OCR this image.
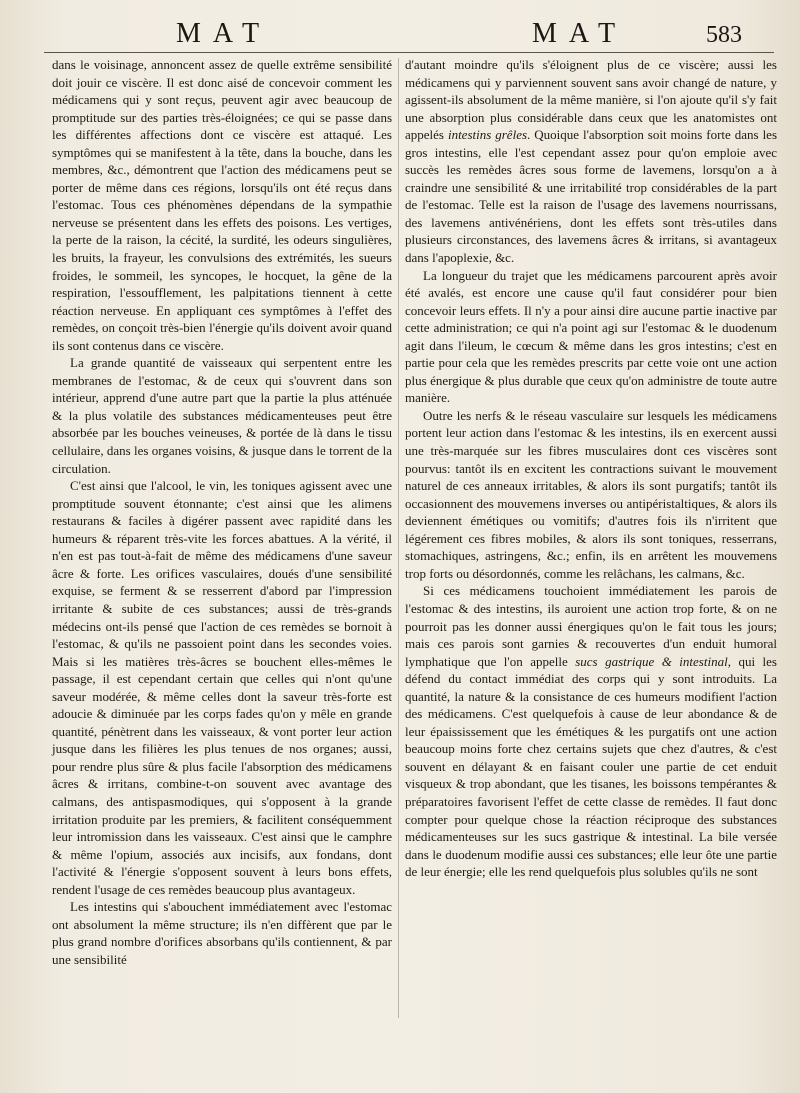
MAT	MAT	583

dans le voisinage, annoncent assez de quelle extrême sensibilité doit jouir ce viscère. Il est donc aisé de concevoir comment les médicamens qui y sont reçus, peuvent agir avec beaucoup de promptitude sur des parties très-éloignées; ce qui se passe dans les différentes affections dont ce viscère est attaqué. Les symptômes qui se manifestent à la tête, dans la bouche, dans les membres, &c., démontrent que l'action des médicamens peut se porter de même dans ces régions, lorsqu'ils ont été reçus dans l'estomac. Tous ces phénomènes dépendans de la sympathie nerveuse se présentent dans les effets des poisons. Les vertiges, la perte de la raison, la cécité, la surdité, les odeurs singulières, les bruits, la frayeur, les convulsions des extrémités, les sueurs froides, le sommeil, les syncopes, le hocquet, la gêne de la respiration, l'essoufflement, les palpitations tiennent à cette réaction nerveuse. En appliquant ces symptômes à l'effet des remèdes, on conçoit très-bien l'énergie qu'ils doivent avoir quand ils sont contenus dans ce viscère.

La grande quantité de vaisseaux qui serpentent entre les membranes de l'estomac, & de ceux qui s'ouvrent dans son intérieur, apprend d'une autre part que la partie la plus atténuée & la plus volatile des substances médicamenteuses peut être absorbée par les bouches veineuses, & portée de là dans le tissu cellulaire, dans les organes voisins, & jusque dans le torrent de la circulation.

C'est ainsi que l'alcool, le vin, les toniques agissent avec une promptitude souvent étonnante; c'est ainsi que les alimens restaurans & faciles à digérer passent avec rapidité dans les humeurs & réparent très-vite les forces abattues. A la vérité, il n'en est pas tout-à-fait de même des médicamens d'une saveur âcre & forte. Les orifices vasculaires, doués d'une sensibilité exquise, se ferment & se resserrent d'abord par l'impression irritante & subite de ces substances; aussi de très-grands médecins ont-ils pensé que l'action de ces remèdes se bornoit à l'estomac, & qu'ils ne passoient point dans les secondes voies. Mais si les matières très-âcres se bouchent elles-mêmes le passage, il est cependant certain que celles qui n'ont qu'une saveur modérée, & même celles dont la saveur très-forte est adoucie & diminuée par les corps fades qu'on y mêle en grande quantité, pénètrent dans les vaisseaux, & vont porter leur action jusque dans les filières les plus tenues de nos organes; aussi, pour rendre plus sûre & plus facile l'absorption des médicamens âcres & irritans, combine-t-on souvent avec avantage des calmans, des antispasmodiques, qui s'opposent à la grande irritation produite par les premiers, & facilitent conséquemment leur intromission dans les vaisseaux. C'est ainsi que le camphre & même l'opium, associés aux incisifs, aux fondans, dont l'activité & l'énergie s'opposent souvent à leurs bons effets, rendent l'usage de ces remèdes beaucoup plus avantageux.

Les intestins qui s'abouchent immédiatement avec l'estomac ont absolument la même structure; ils n'en diffèrent que par le plus grand nombre d'orifices absorbans qu'ils contiennent, & par une sensibilité

d'autant moindre qu'ils s'éloignent plus de ce viscère; aussi les médicamens qui y parviennent souvent sans avoir changé de nature, y agissent-ils absolument de la même manière, si l'on ajoute qu'il s'y fait une absorption plus considérable dans ceux que les anatomistes ont appelés intestins grêles. Quoique l'absorption soit moins forte dans les gros intestins, elle l'est cependant assez pour qu'on emploie avec succès les remèdes âcres sous forme de lavemens, lorsqu'on a à craindre une sensibilité & une irritabilité trop considérables de la part de l'estomac. Telle est la raison de l'usage des lavemens nourrissans, des lavemens antivénériens, dont les effets sont très-utiles dans plusieurs circonstances, des lavemens âcres & irritans, si avantageux dans l'apoplexie, &c.

La longueur du trajet que les médicamens parcourent après avoir été avalés, est encore une cause qu'il faut considérer pour bien concevoir leurs effets. Il n'y a pour ainsi dire aucune partie inactive par cette administration; ce qui n'a point agi sur l'estomac & le duodenum agit dans l'ileum, le cœcum & même dans les gros intestins; c'est en partie pour cela que les remèdes prescrits par cette voie ont une action plus énergique & plus durable que ceux qu'on administre de toute autre manière.

Outre les nerfs & le réseau vasculaire sur lesquels les médicamens portent leur action dans l'estomac & les intestins, ils en exercent aussi une très-marquée sur les fibres musculaires dont ces viscères sont pourvus: tantôt ils en excitent les contractions suivant le mouvement naturel de ces anneaux irritables, & alors ils sont purgatifs; tantôt ils occasionnent des mouvemens inverses ou antipéristaltiques, & alors ils deviennent émétiques ou vomitifs; d'autres fois ils n'irritent que légérement ces fibres mobiles, & alors ils sont toniques, resserrans, stomachiques, astringens, &c.; enfin, ils en arrêtent les mouvemens trop forts ou désordonnés, comme les relâchans, les calmans, &c.

Si ces médicamens touchoient immédiatement les parois de l'estomac & des intestins, ils auroient une action trop forte, & on ne pourroit pas les donner aussi énergiques qu'on le fait tous les jours; mais ces parois sont garnies & recouvertes d'un enduit humoral lymphatique que l'on appelle sucs gastrique & intestinal, qui les défend du contact immédiat des corps qui y sont introduits. La quantité, la nature & la consistance de ces humeurs modifient l'action des médicamens. C'est quelquefois à cause de leur abondance & de leur épaississement que les émétiques & les purgatifs ont une action beaucoup moins forte chez certains sujets que chez d'autres, & c'est souvent en délayant & en faisant couler une partie de cet enduit visqueux & trop abondant, que les tisanes, les boissons tempérantes & préparatoires favorisent l'effet de cette classe de remèdes. Il faut donc compter pour quelque chose la réaction réciproque des substances médicamenteuses sur les sucs gastrique & intestinal. La bile versée dans le duodenum modifie aussi ces substances; elle leur ôte une partie de leur énergie; elle les rend quelquefois plus solubles qu'ils ne sont
